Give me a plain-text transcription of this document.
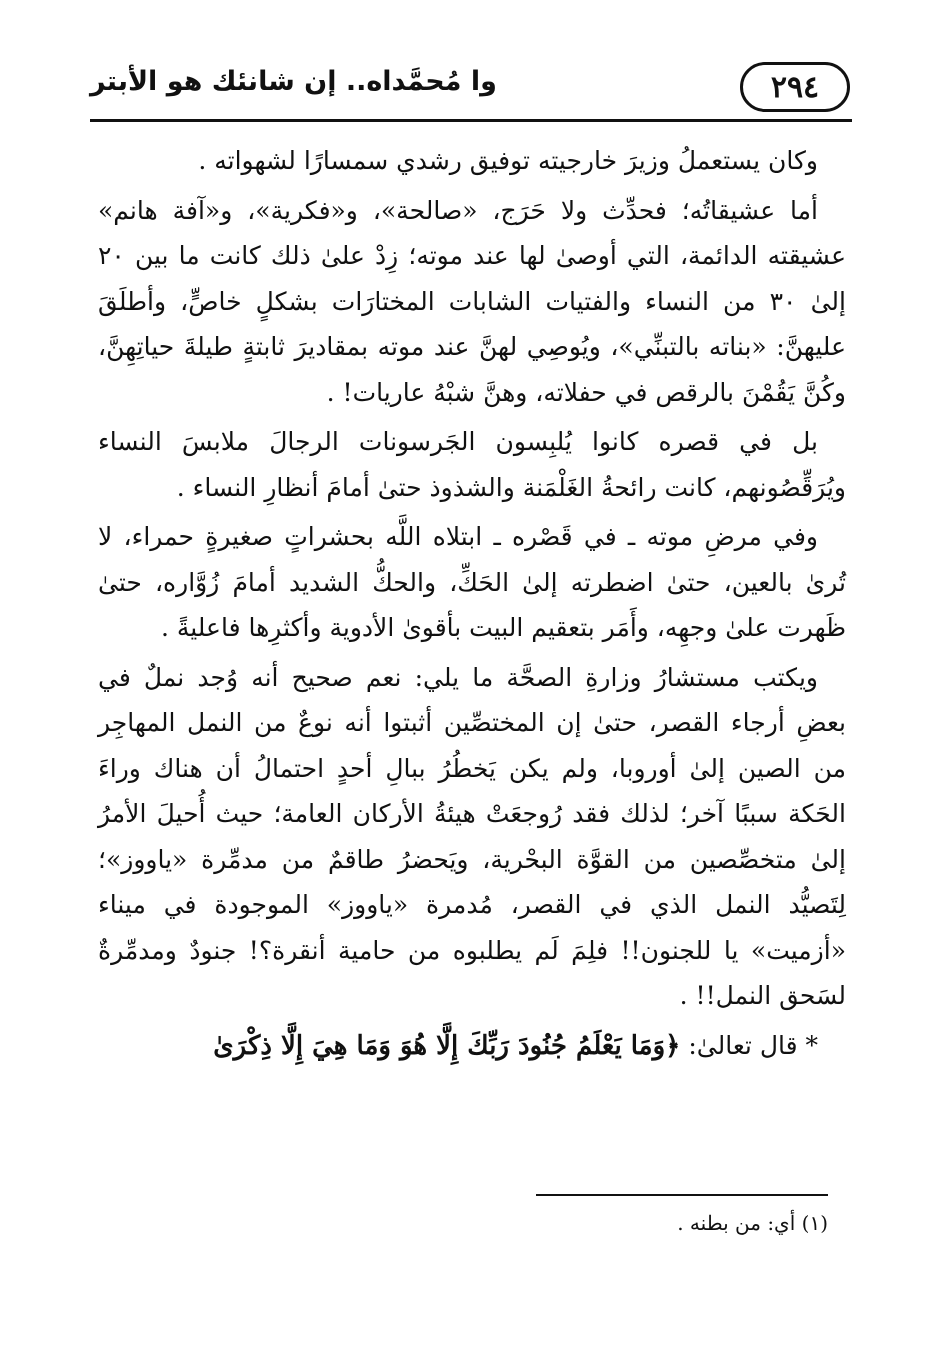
٢٩٤
وا مُحمَّداه.. إن شانئك هو الأبتر

وكان يستعملُ وزيرَ خارجيته توفيق رشدي سمسارًا لشهواته .

أما عشيقاتُه؛ فحدِّث ولا حَرَج، «صالحة»، و«فكرية»، و«آفة هانم» عشيقته الدائمة، التي أوصىٰ لها عند موته؛ زِدْ علىٰ ذلك كانت ما بين ٢٠ إلىٰ ٣٠ من النساء والفتيات الشابات المختارَات بشكلٍ خاصٍّ، وأطلَقَ عليهنَّ: «بناته بالتبنِّي»، ويُوصِي لهنَّ عند موته بمقاديرَ ثابتةٍ طيلةَ حياتِهِنَّ، وكُنَّ يَقُمْنَ بالرقص في حفلاته، وهنَّ شبْهُ عاريات! .

بل في قصره كانوا يُلبِسون الجَرسونات الرجالَ ملابسَ النساء ويُرَقِّصُونهم، كانت رائحةُ الغَلْمَنة والشذوذ حتىٰ أمامَ أنظارِ النساء .

وفي مرضِ موته ـ في قَصْره ـ ابتلاه اللَّه بحشراتٍ صغيرةٍ حمراء، لا تُرىٰ بالعين، حتىٰ اضطرته إلىٰ الحَكِّ، والحكُّ الشديد أمامَ زُوَّاره، حتىٰ ظَهرت علىٰ وجهِه، وأَمَر بتعقيم البيت بأقوىٰ الأدوية وأكثرِها فاعليةً .

ويكتب مستشارُ وزارةِ الصحَّة ما يلي: نعم صحيح أنه وُجد نملٌ في بعضِ أرجاء القصر، حتىٰ إن المختصِّين أثبتوا أنه نوعٌ من النمل المهاجِر من الصين إلىٰ أوروبا، ولم يكن يَخطُرُ ببالِ أحدٍ احتمالُ أن هناك وراءَ الحَكة سببًا آخر؛ لذلك فقد رُوجعَتْ هيئةُ الأركان العامة؛ حيث أُحيلَ الأمرُ إلىٰ متخصِّصين من القوَّة البحْرية، ويَحضرُ طاقمٌ من مدمِّرة «ياووز»؛ لِتَصيُّد النمل الذي في القصر، مُدمرة «ياووز» الموجودة في ميناء «أزميت» يا للجنون!! فلِمَ لَم يطلبوه من حامية أنقرة؟! جنودٌ ومدمِّرةٌ لسَحق النمل!! .

* قال تعالىٰ: ﴿وَمَا يَعْلَمُ جُنُودَ رَبِّكَ إِلَّا هُوَ وَمَا هِيَ إِلَّا ذِكْرَىٰ

(١) أي: من بطنه .
